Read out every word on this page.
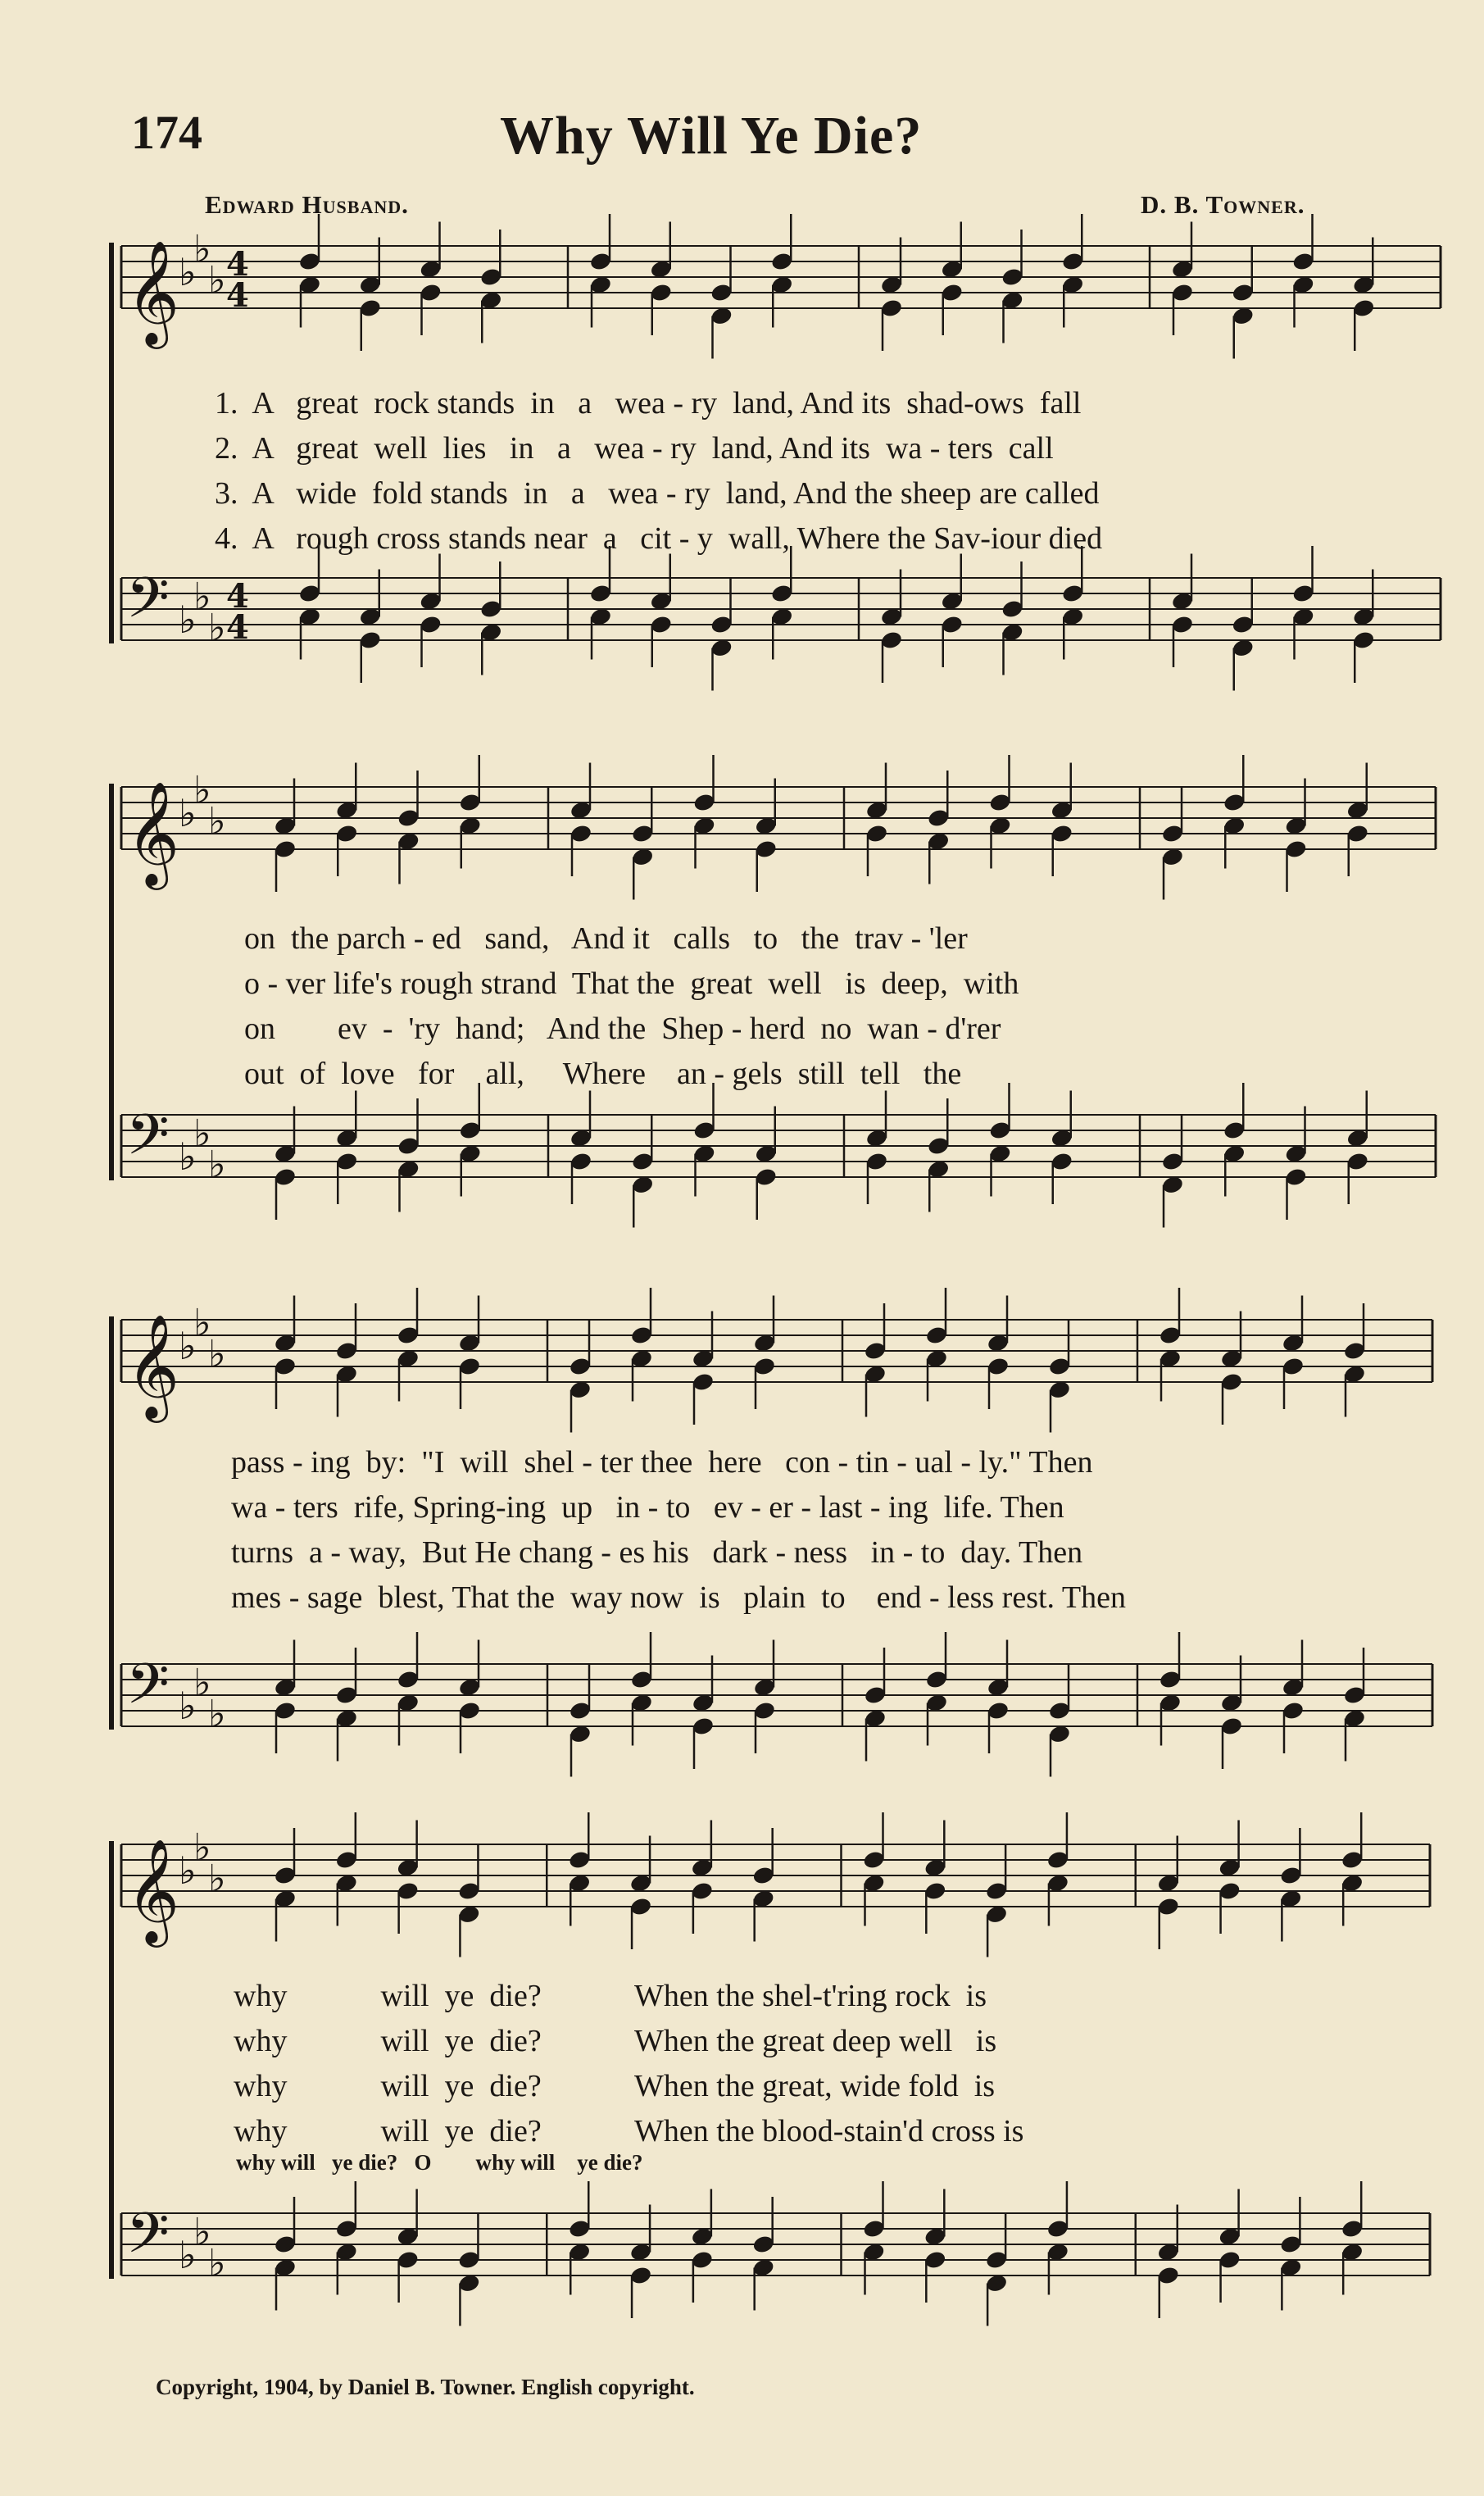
174	Why Will Ye Die?
Edward Husband.	D. B. Towner.
𝄞
♭
♭
♭ 4
4
𝄢 ♭
♭
♭
4
4
𝄞
♭
♭
♭
𝄢 ♭
♭
♭
𝄞
♭
♭
♭
𝄢 ♭
♭
♭
𝄞
♭
♭
♭
𝄢 ♭
♭
♭
1.  A   great  rock stands  in   a   wea - ry  land, And its  shad-ows  fall
2.  A   great  well  lies   in   a   wea - ry  land, And its  wa - ters  call
3.  A   wide  fold stands  in   a   wea - ry  land, And the sheep are called
4.  A   rough cross stands near  a   cit - y  wall, Where the Sav-iour died
on  the parch - ed   sand,   And it   calls   to   the  trav - 'ler
o - ver life's rough strand  That the  great  well   is  deep,  with
on        ev  -  'ry  hand;   And the  Shep - herd  no  wan - d'rer
out  of  love   for    all,     Where    an - gels  still  tell   the
pass - ing  by:  "I  will  shel - ter thee  here   con - tin - ual - ly." Then
wa - ters  rife, Spring-ing  up   in - to   ev - er - last - ing  life. Then
turns  a - way,  But He chang - es his   dark - ness   in - to  day. Then
mes - sage  blest, That the  way now  is   plain  to    end - less rest. Then
why            will  ye  die?            When the shel-t'ring rock  is
why            will  ye  die?            When the great deep well   is
why            will  ye  die?            When the great, wide fold  is
why            will  ye  die?            When the blood-stain'd cross is
why will   ye die?   O        why will    ye die?
Copyright, 1904, by Daniel B. Towner. English copyright.
